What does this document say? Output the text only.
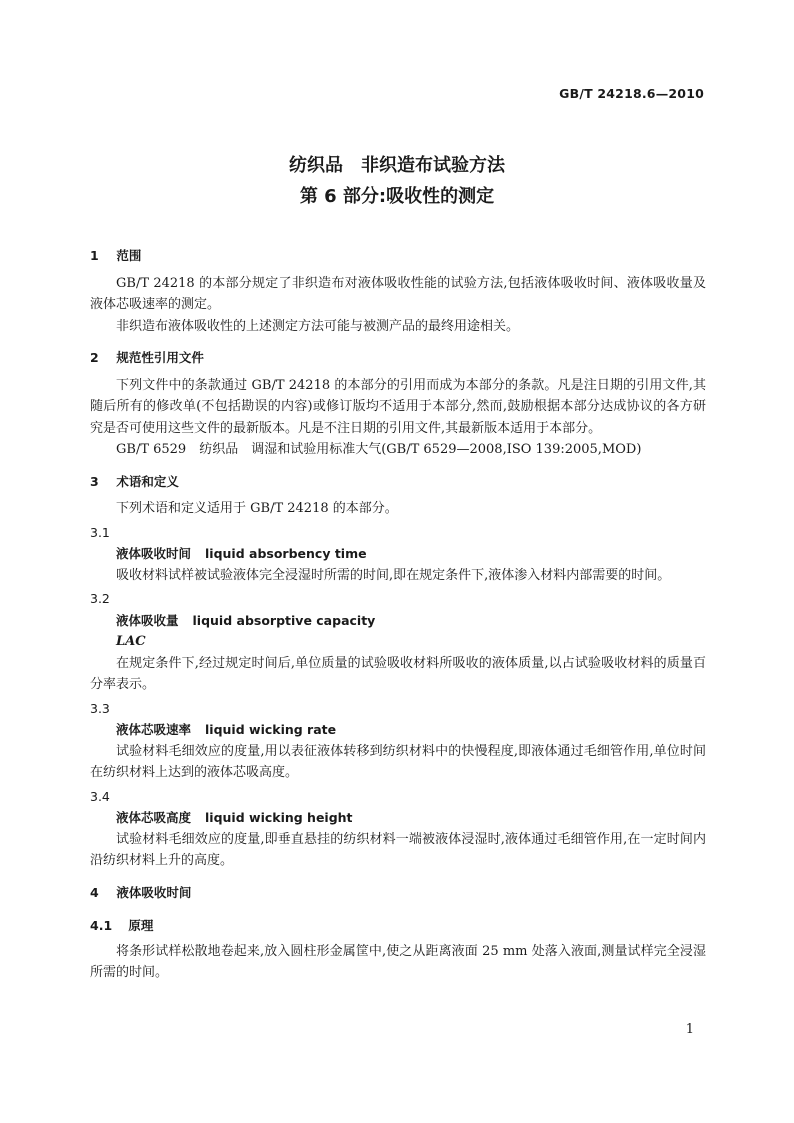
GB/T 24218.6—2010
纺织品　非织造布试验方法
第 6 部分:吸收性的测定
1 范围

GB/T 24218 的本部分规定了非织造布对液体吸收性能的试验方法,包括液体吸收时间、液体吸收量及液体芯吸速率的测定。

非织造布液体吸收性的上述测定方法可能与被测产品的最终用途相关。

2 规范性引用文件

下列文件中的条款通过 GB/T 24218 的本部分的引用而成为本部分的条款。凡是注日期的引用文件,其随后所有的修改单(不包括勘误的内容)或修订版均不适用于本部分,然而,鼓励根据本部分达成协议的各方研究是否可使用这些文件的最新版本。凡是不注日期的引用文件,其最新版本适用于本部分。

GB/T 6529　纺织品　调湿和试验用标准大气(GB/T 6529—2008,ISO 139:2005,MOD)

3 术语和定义

下列术语和定义适用于 GB/T 24218 的本部分。

3.1
液体吸收时间 liquid absorbency time

吸收材料试样被试验液体完全浸湿时所需的时间,即在规定条件下,液体渗入材料内部需要的时间。

3.2
液体吸收量 liquid absorptive capacity
LAC

在规定条件下,经过规定时间后,单位质量的试验吸收材料所吸收的液体质量,以占试验吸收材料的质量百分率表示。

3.3
液体芯吸速率 liquid wicking rate

试验材料毛细效应的度量,用以表征液体转移到纺织材料中的快慢程度,即液体通过毛细管作用,单位时间在纺织材料上达到的液体芯吸高度。

3.4
液体芯吸高度 liquid wicking height

试验材料毛细效应的度量,即垂直悬挂的纺织材料一端被液体浸湿时,液体通过毛细管作用,在一定时间内沿纺织材料上升的高度。

4 液体吸收时间
4.1 原理

将条形试样松散地卷起来,放入圆柱形金属筐中,使之从距离液面 25 mm 处落入液面,测量试样完全浸湿所需的时间。

1
